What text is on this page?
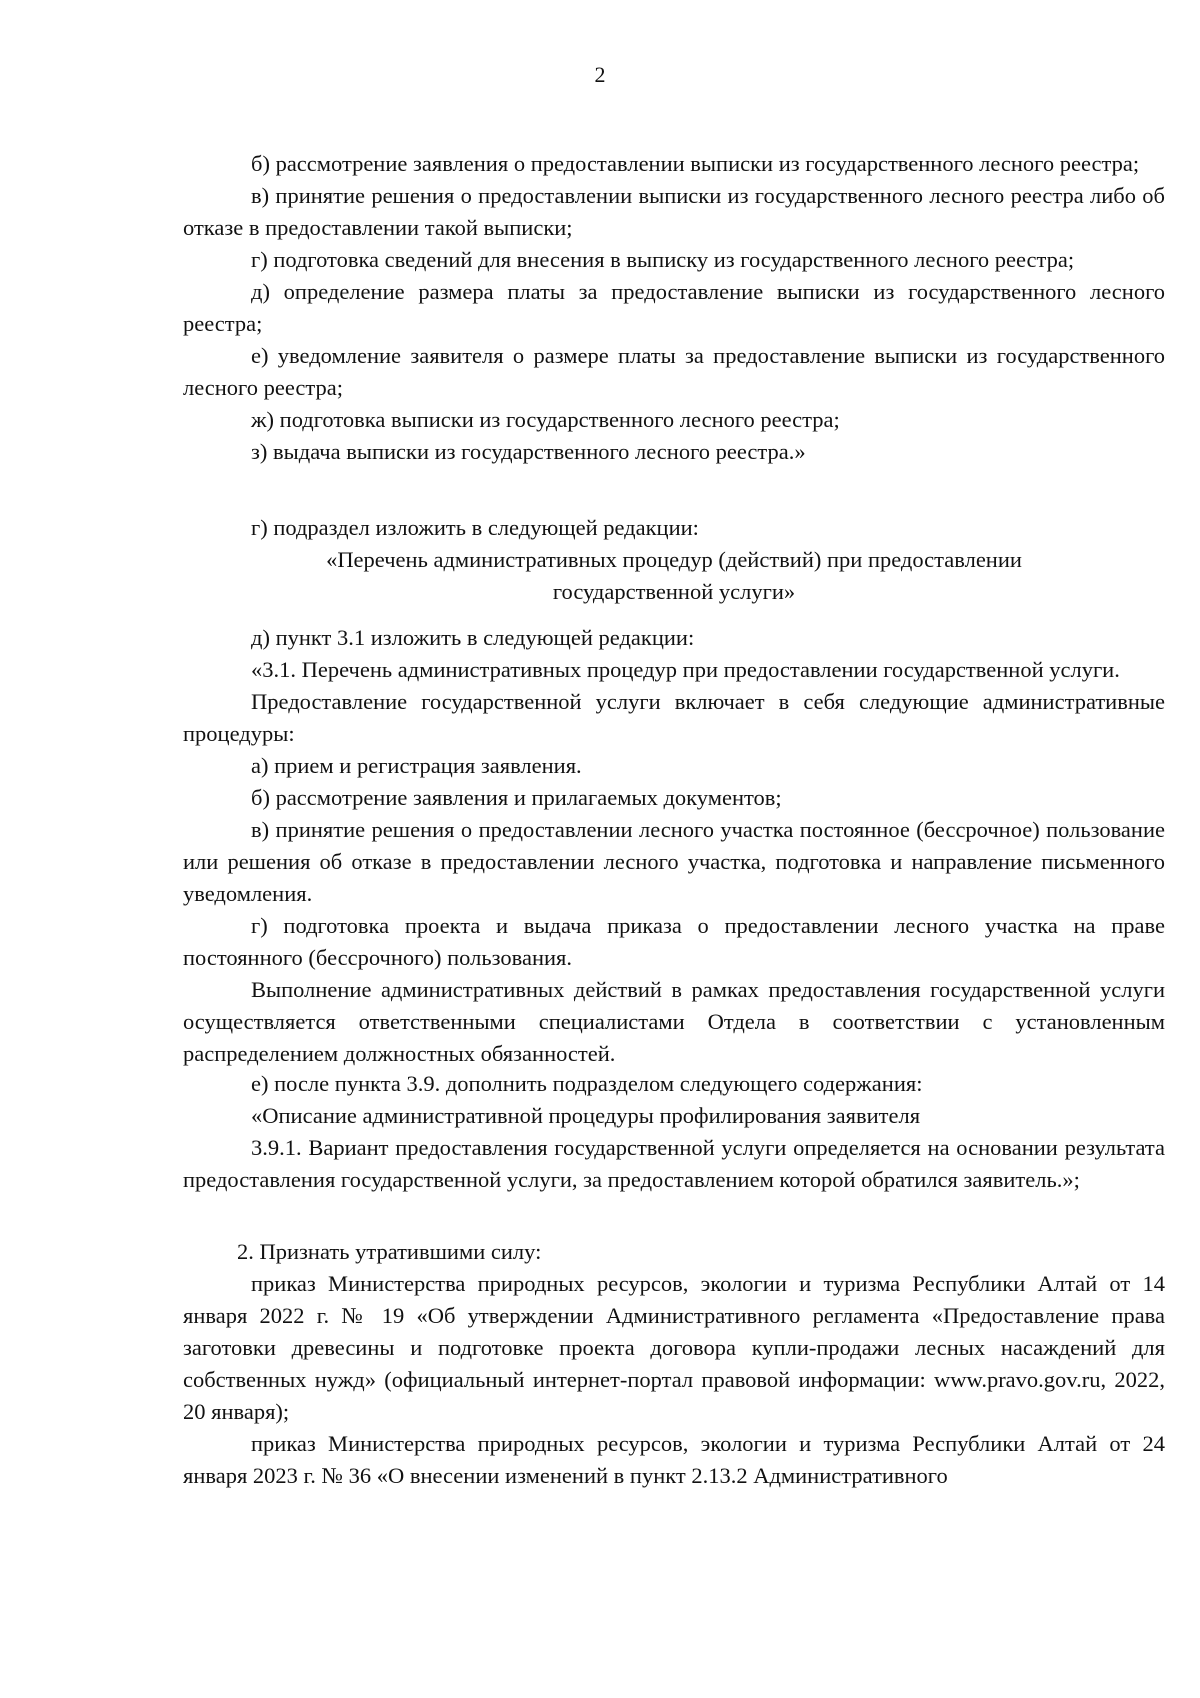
2

б) рассмотрение заявления о предоставлении выписки из государственного лесного реестра;

в) принятие решения о предоставлении выписки из государственного лесного реестра либо об отказе в предоставлении такой выписки;

г) подготовка сведений для внесения в выписку из государственного лесного реестра;

д) определение размера платы за предоставление выписки из государственного лесного реестра;

е) уведомление заявителя о размере платы за предоставление выписки из государственного лесного реестра;

ж) подготовка выписки из государственного лесного реестра;

з) выдача выписки из государственного лесного реестра.»

г) подраздел изложить в следующей редакции:

«Перечень административных процедур (действий) при предоставлении

государственной услуги»

д) пункт 3.1 изложить в следующей редакции:

«3.1. Перечень административных процедур при предоставлении государственной услуги.

Предоставление государственной услуги включает в себя следующие административные процедуры:

а) прием и регистрация заявления.

б) рассмотрение заявления и прилагаемых документов;

в) принятие решения о предоставлении лесного участка постоянное (бессрочное) пользование или решения об отказе в предоставлении лесного участка, подготовка и направление письменного уведомления.

г) подготовка проекта и выдача приказа о предоставлении лесного участка на праве постоянного (бессрочного) пользования.

Выполнение административных действий в рамках предоставления государственной услуги осуществляется ответственными специалистами Отдела в соответствии с установленным распределением должностных обязанностей.

е) после пункта 3.9. дополнить подразделом следующего содержания:

«Описание административной процедуры профилирования заявителя

3.9.1. Вариант предоставления государственной услуги определяется на основании результата предоставления государственной услуги, за предоставлением которой обратился заявитель.»;

2. Признать утратившими силу:

приказ Министерства природных ресурсов, экологии и туризма Республики Алтай от 14 января 2022 г. № 19 «Об утверждении Административного регламента «Предоставление права заготовки древесины и подготовке проекта договора купли-продажи лесных насаждений для собственных нужд» (официальный интернет-портал правовой информации: www.pravo.gov.ru, 2022, 20 января);

приказ Министерства природных ресурсов, экологии и туризма Республики Алтай от 24 января 2023 г. № 36 «О внесении изменений в пункт 2.13.2 Административного
